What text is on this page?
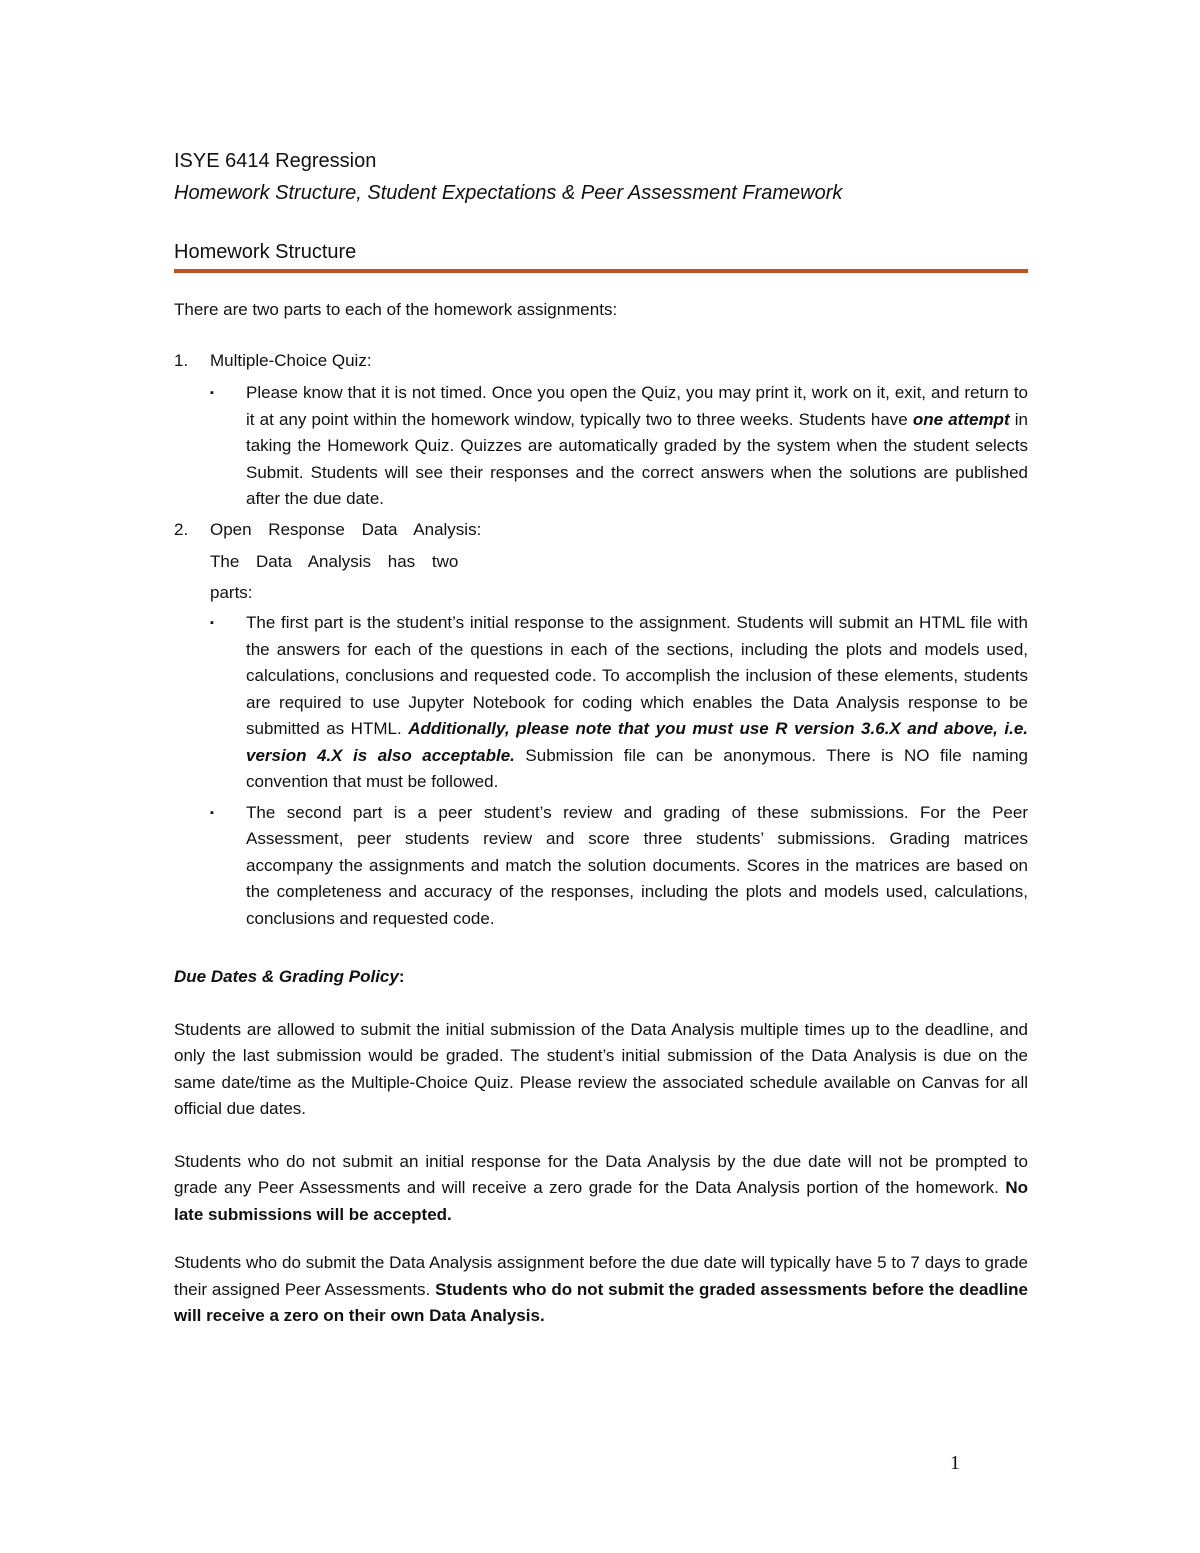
ISYE 6414 Regression
Homework Structure, Student Expectations & Peer Assessment Framework
Homework Structure

There are two parts to each of the homework assignments:

1.	Multiple-Choice Quiz:

▪	Please know that it is not timed. Once you open the Quiz, you may print it, work on it, exit, and return to it at any point within the homework window, typically two to three weeks. Students have one attempt in taking the Homework Quiz. Quizzes are automatically graded by the system when the student selects Submit. Students will see their responses and the correct answers when the solutions are published after the due date.
2.	Open Response Data Analysis:

The Data Analysis has two

parts:

▪	The first part is the student’s initial response to the assignment. Students will submit an HTML file with the answers for each of the questions in each of the sections, including the plots and models used, calculations, conclusions and requested code. To accomplish the inclusion of these elements, students are required to use Jupyter Notebook for coding which enables the Data Analysis response to be submitted as HTML. Additionally, please note that you must use R version 3.6.X and above, i.e. version 4.X is also acceptable. Submission file can be anonymous. There is NO file naming convention that must be followed.
▪	The second part is a peer student’s review and grading of these submissions. For the Peer Assessment, peer students review and score three students’ submissions. Grading matrices accompany the assignments and match the solution documents. Scores in the matrices are based on the completeness and accuracy of the responses, including the plots and models used, calculations, conclusions and requested code.

Due Dates & Grading Policy:

Students are allowed to submit the initial submission of the Data Analysis multiple times up to the deadline, and only the last submission would be graded. The student’s initial submission of the Data Analysis is due on the same date/time as the Multiple-Choice Quiz. Please review the associated schedule available on Canvas for all official due dates.

Students who do not submit an initial response for the Data Analysis by the due date will not be prompted to grade any Peer Assessments and will receive a zero grade for the Data Analysis portion of the homework. No late submissions will be accepted.

Students who do submit the Data Analysis assignment before the due date will typically have 5 to 7 days to grade their assigned Peer Assessments. Students who do not submit the graded assessments before the deadline will receive a zero on their own Data Analysis.

1
